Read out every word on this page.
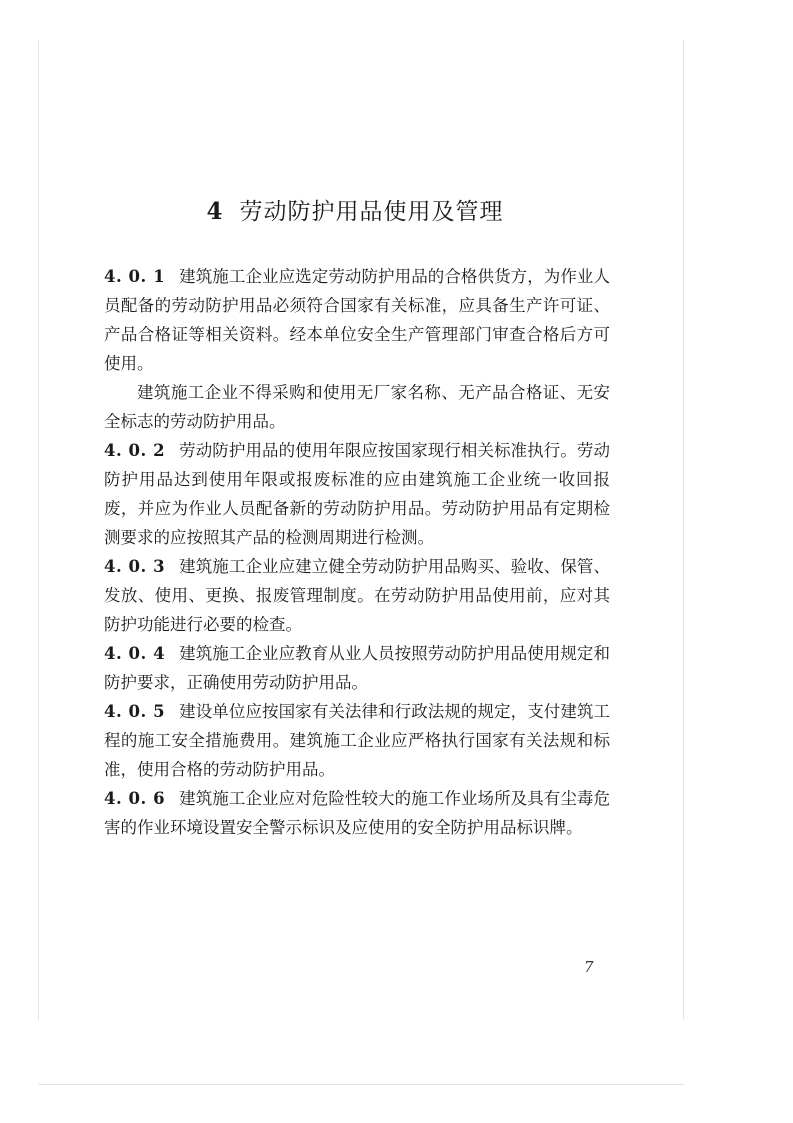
4 劳动防护用品使用及管理

4. 0. 1 建筑施工企业应选定劳动防护用品的合格供货方，为作业人员配备的劳动防护用品必须符合国家有关标准，应具备生产许可证、产品合格证等相关资料。经本单位安全生产管理部门审查合格后方可使用。

建筑施工企业不得采购和使用无厂家名称、无产品合格证、无安全标志的劳动防护用品。

4. 0. 2 劳动防护用品的使用年限应按国家现行相关标准执行。劳动防护用品达到使用年限或报废标准的应由建筑施工企业统一收回报废，并应为作业人员配备新的劳动防护用品。劳动防护用品有定期检测要求的应按照其产品的检测周期进行检测。

4. 0. 3 建筑施工企业应建立健全劳动防护用品购买、验收、保管、发放、使用、更换、报废管理制度。在劳动防护用品使用前，应对其防护功能进行必要的检查。

4. 0. 4 建筑施工企业应教育从业人员按照劳动防护用品使用规定和防护要求，正确使用劳动防护用品。

4. 0. 5 建设单位应按国家有关法律和行政法规的规定，支付建筑工程的施工安全措施费用。建筑施工企业应严格执行国家有关法规和标准，使用合格的劳动防护用品。

4. 0. 6 建筑施工企业应对危险性较大的施工作业场所及具有尘毒危害的作业环境设置安全警示标识及应使用的安全防护用品标识牌。

7
